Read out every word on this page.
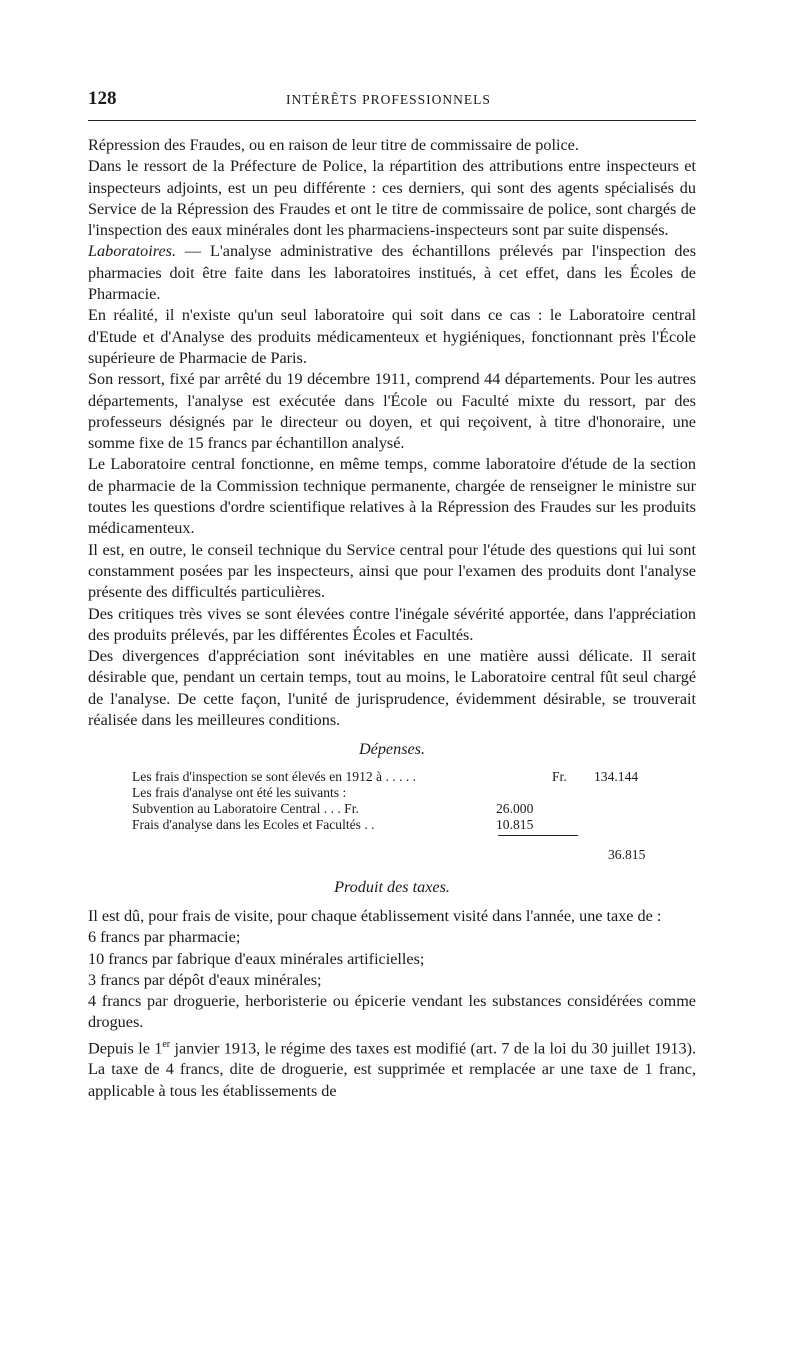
128	INTÉRÊTS PROFESSIONNELS

Répression des Fraudes, ou en raison de leur titre de commissaire de police.

Dans le ressort de la Préfecture de Police, la répartition des attributions entre inspecteurs et inspecteurs adjoints, est un peu différente : ces derniers, qui sont des agents spécialisés du Service de la Répression des Fraudes et ont le titre de commissaire de police, sont chargés de l'inspection des eaux minérales dont les pharmaciens-inspecteurs sont par suite dispensés.

Laboratoires. — L'analyse administrative des échantillons prélevés par l'inspection des pharmacies doit être faite dans les laboratoires institués, à cet effet, dans les Écoles de Pharmacie.

En réalité, il n'existe qu'un seul laboratoire qui soit dans ce cas : le Laboratoire central d'Etude et d'Analyse des produits médicamenteux et hygiéniques, fonctionnant près l'École supérieure de Pharmacie de Paris.

Son ressort, fixé par arrêté du 19 décembre 1911, comprend 44 départements. Pour les autres départements, l'analyse est exécutée dans l'École ou Faculté mixte du ressort, par des professeurs désignés par le directeur ou doyen, et qui reçoivent, à titre d'honoraire, une somme fixe de 15 francs par échantillon analysé.

Le Laboratoire central fonctionne, en même temps, comme laboratoire d'étude de la section de pharmacie de la Commission technique permanente, chargée de renseigner le ministre sur toutes les questions d'ordre scientifique relatives à la Répression des Fraudes sur les produits médicamenteux.

Il est, en outre, le conseil technique du Service central pour l'étude des questions qui lui sont constamment posées par les inspecteurs, ainsi que pour l'examen des produits dont l'analyse présente des difficultés particulières.

Des critiques très vives se sont élevées contre l'inégale sévérité apportée, dans l'appréciation des produits prélevés, par les différentes Écoles et Facultés.

Des divergences d'appréciation sont inévitables en une matière aussi délicate. Il serait désirable que, pendant un certain temps, tout au moins, le Laboratoire central fût seul chargé de l'analyse. De cette façon, l'unité de jurisprudence, évidemment désirable, se trouverait réalisée dans les meilleures conditions.

Dépenses.
Les frais d'inspection se sont élevés en 1912 à . . . . .	Fr. 134.144
Les frais d'analyse ont été les suivants :
Subvention au Laboratoire Central . . . Fr.	26.000
Frais d'analyse dans les Ecoles et Facultés . .	10.815
36.815
Produit des taxes.

Il est dû, pour frais de visite, pour chaque établissement visité dans l'année, une taxe de :

6 francs par pharmacie;

10 francs par fabrique d'eaux minérales artificielles;

3 francs par dépôt d'eaux minérales;

4 francs par droguerie, herboristerie ou épicerie vendant les substances considérées comme drogues.

Depuis le 1er janvier 1913, le régime des taxes est modifié (art. 7 de la loi du 30 juillet 1913). La taxe de 4 francs, dite de droguerie, est supprimée et remplacée ar une taxe de 1 franc, applicable à tous les établissements de
